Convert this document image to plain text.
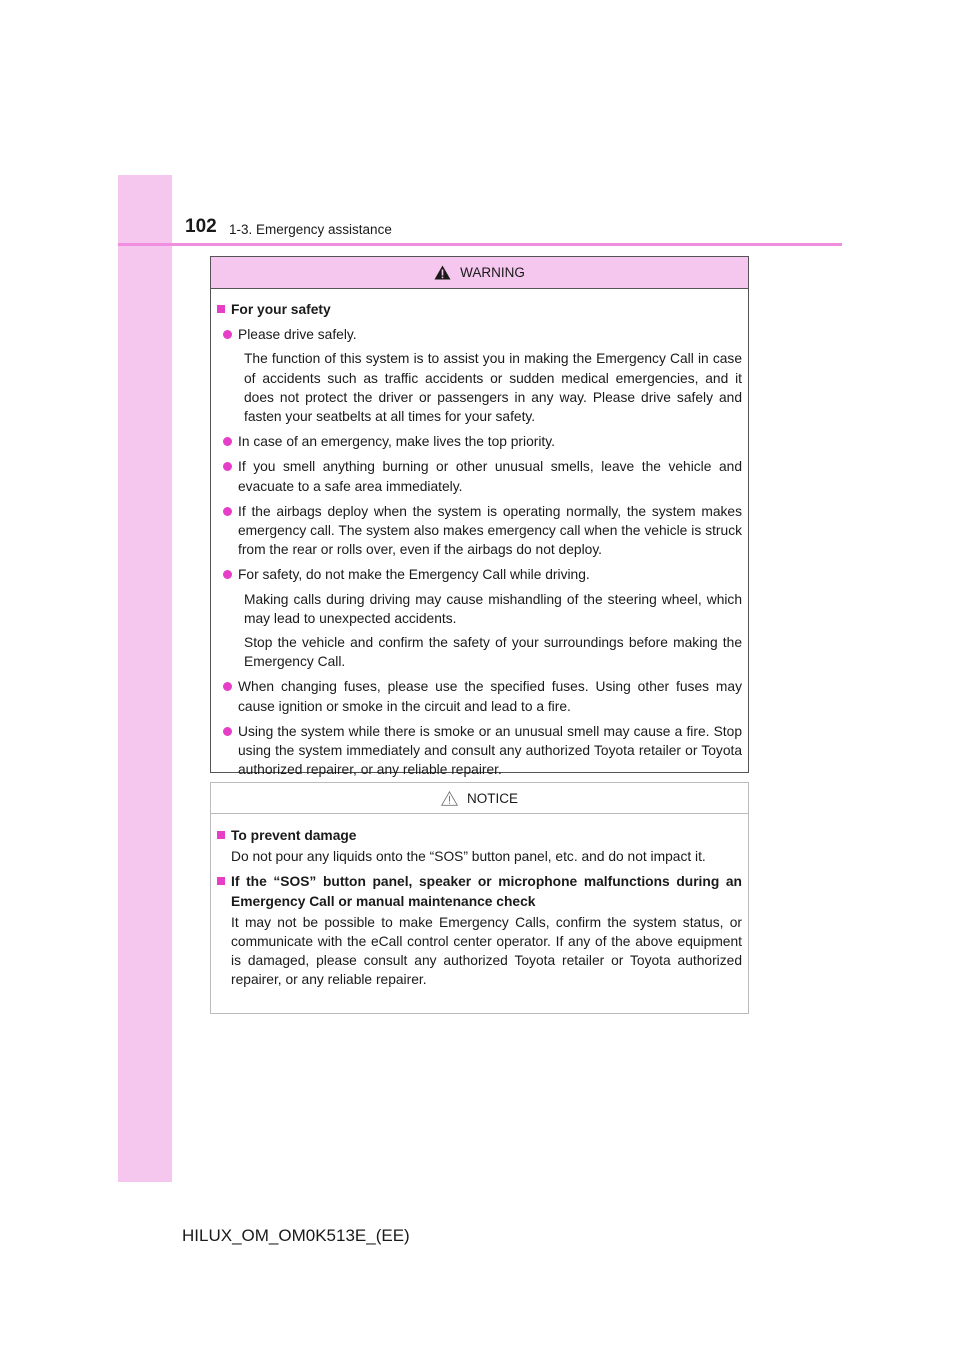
102 1-3. Emergency assistance
WARNING
For your safety
Please drive safely.
The function of this system is to assist you in making the Emergency Call in case of accidents such as traffic accidents or sudden medical emergencies, and it does not protect the driver or passengers in any way. Please drive safely and fasten your seatbelts at all times for your safety.
In case of an emergency, make lives the top priority.
If you smell anything burning or other unusual smells, leave the vehicle and evacuate to a safe area immediately.
If the airbags deploy when the system is operating normally, the system makes emergency call. The system also makes emergency call when the vehicle is struck from the rear or rolls over, even if the airbags do not deploy.
For safety, do not make the Emergency Call while driving.
Making calls during driving may cause mishandling of the steering wheel, which may lead to unexpected accidents.
Stop the vehicle and confirm the safety of your surroundings before making the Emergency Call.
When changing fuses, please use the specified fuses. Using other fuses may cause ignition or smoke in the circuit and lead to a fire.
Using the system while there is smoke or an unusual smell may cause a fire. Stop using the system immediately and consult any authorized Toyota retailer or Toyota authorized repairer, or any reliable repairer.
NOTICE
To prevent damage
Do not pour any liquids onto the “SOS” button panel, etc. and do not impact it.
If the “SOS” button panel, speaker or microphone malfunctions during an Emergency Call or manual maintenance check
It may not be possible to make Emergency Calls, confirm the system status, or communicate with the eCall control center operator. If any of the above equipment is damaged, please consult any authorized Toyota retailer or Toyota authorized repairer, or any reliable repairer.
HILUX_OM_OM0K513E_(EE)
